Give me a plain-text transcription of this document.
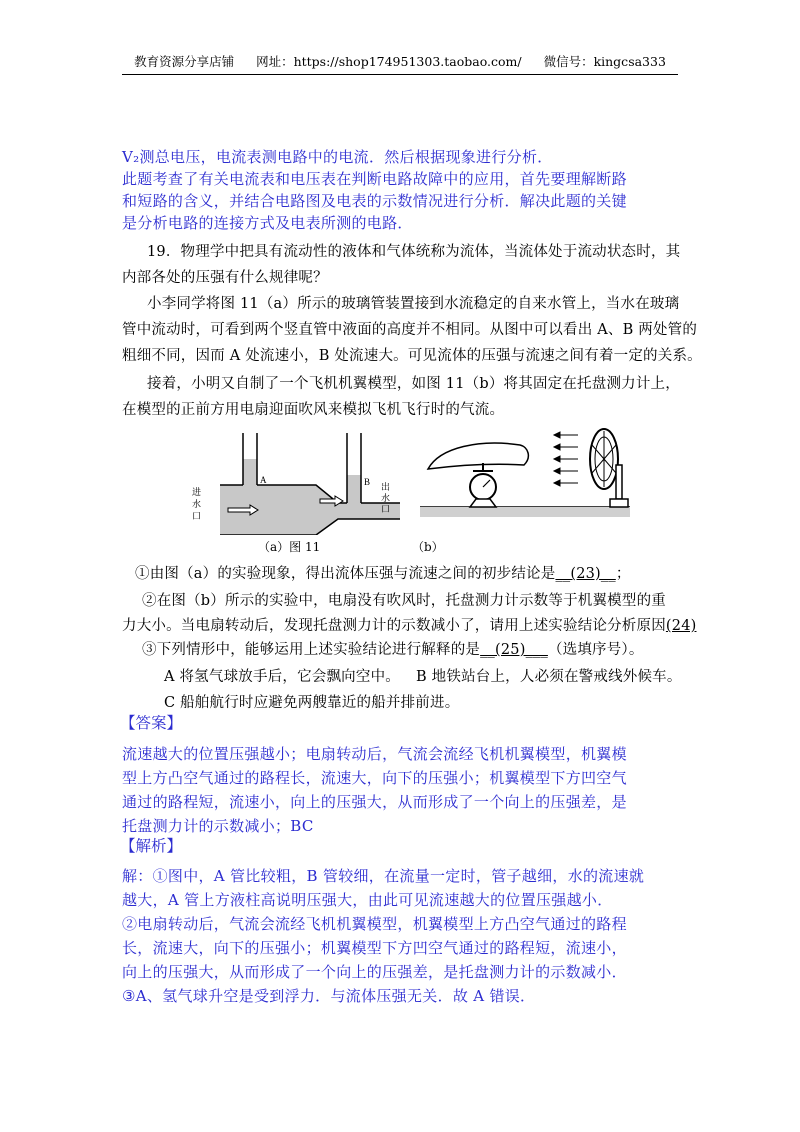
教育资源分享店铺 网址：https://shop174951303.taobao.com/ 微信号：kingcsa333
V₂测总电压，电流表测电路中的电流．然后根据现象进行分析．
此题考查了有关电流表和电压表在判断电路故障中的应用，首先要理解断路
和短路的含义，并结合电路图及电表的示数情况进行分析．解决此题的关键
是分析电路的连接方式及电表所测的电路．
19．物理学中把具有流动性的液体和气体统称为流体，当流体处于流动状态时，其
内部各处的压强有什么规律呢？
小李同学将图 11（a）所示的玻璃管装置接到水流稳定的自来水管上，当水在玻璃
管中流动时，可看到两个竖直管中液面的高度并不相同。从图中可以看出 A、B 两处管的
粗细不同，因而 A 处流速小，B 处流速大。可见流体的压强与流速之间有着一定的关系。
接着，小明又自制了一个飞机机翼模型，如图 11（b）将其固定在托盘测力计上，
在模型的正前方用电扇迎面吹风来模拟飞机飞行时的气流。
A	B
进
水
口
出
水
口
（a）图 11	（b）
①由图（a）的实验现象，得出流体压强与流速之间的初步结论是__(23)__；
②在图（b）所示的实验中，电扇没有吹风时，托盘测力计示数等于机翼模型的重
力大小。当电扇转动后，发现托盘测力计的示数减小了，请用上述实验结论分析原因(24)
③下列情形中，能够运用上述实验结论进行解释的是__(25)___（选填序号）。
A 将氢气球放手后，它会飘向空中。 B 地铁站台上，人必须在警戒线外候车。
C 船舶航行时应避免两艘靠近的船并排前进。
【答案】
流速越大的位置压强越小；电扇转动后，气流会流经飞机机翼模型，机翼模
型上方凸空气通过的路程长，流速大，向下的压强小；机翼模型下方凹空气
通过的路程短，流速小，向上的压强大，从而形成了一个向上的压强差，是
托盘测力计的示数减小；BC
【解析】
解：①图中，A 管比较粗，B 管较细，在流量一定时，管子越细，水的流速就
越大，A 管上方液柱高说明压强大，由此可见流速越大的位置压强越小．
②电扇转动后，气流会流经飞机机翼模型，机翼模型上方凸空气通过的路程
长，流速大，向下的压强小；机翼模型下方凹空气通过的路程短，流速小，
向上的压强大，从而形成了一个向上的压强差，是托盘测力计的示数减小．
③A、氢气球升空是受到浮力．与流体压强无关．故 A 错误．
